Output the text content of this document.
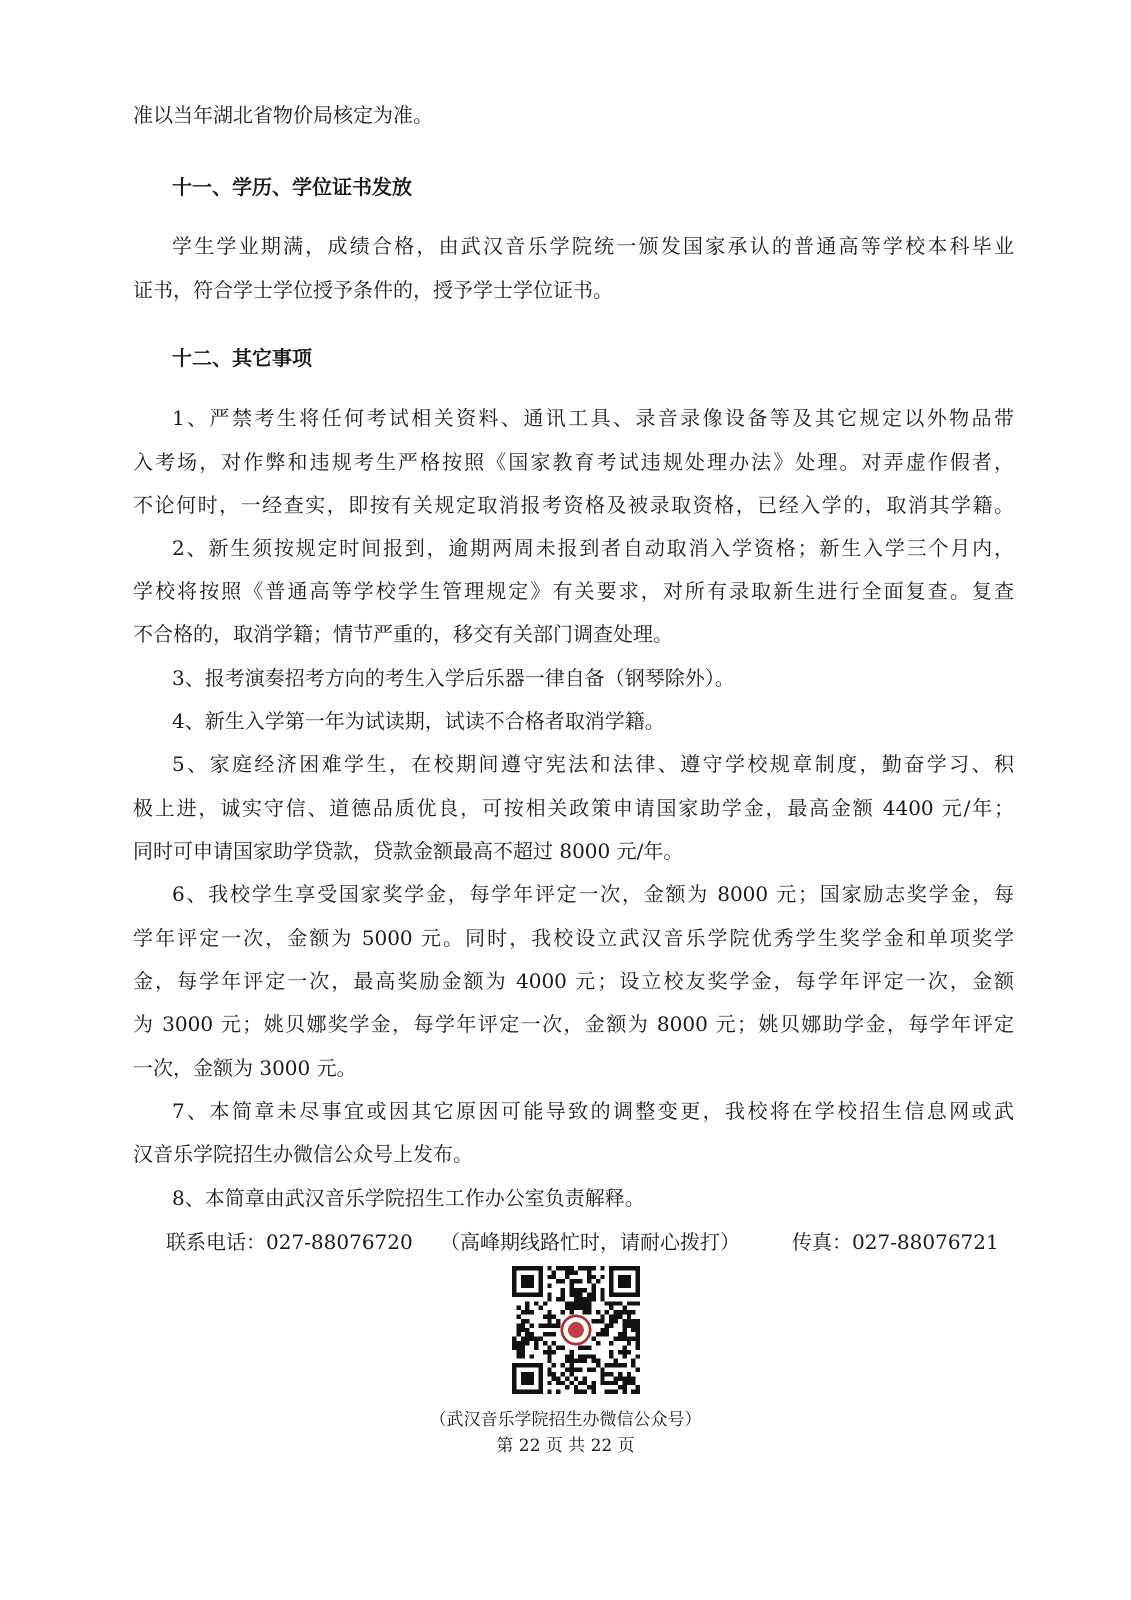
准以当年湖北省物价局核定为准。
十一、学历、学位证书发放
学生学业期满，成绩合格，由武汉音乐学院统一颁发国家承认的普通高等学校本科毕业
证书，符合学士学位授予条件的，授予学士学位证书。
十二、其它事项
1、严禁考生将任何考试相关资料、通讯工具、录音录像设备等及其它规定以外物品带
入考场，对作弊和违规考生严格按照《国家教育考试违规处理办法》处理。对弄虚作假者，
不论何时，一经查实，即按有关规定取消报考资格及被录取资格，已经入学的，取消其学籍。
2、新生须按规定时间报到，逾期两周未报到者自动取消入学资格；新生入学三个月内，
学校将按照《普通高等学校学生管理规定》有关要求，对所有录取新生进行全面复查。复查
不合格的，取消学籍；情节严重的，移交有关部门调查处理。
3、报考演奏招考方向的考生入学后乐器一律自备（钢琴除外）。
4、新生入学第一年为试读期，试读不合格者取消学籍。
5、家庭经济困难学生，在校期间遵守宪法和法律、遵守学校规章制度，勤奋学习、积
极上进，诚实守信、道德品质优良，可按相关政策申请国家助学金，最高金额 4400 元/年；
同时可申请国家助学贷款，贷款金额最高不超过 8000 元/年。
6、我校学生享受国家奖学金，每学年评定一次，金额为 8000 元；国家励志奖学金，每
学年评定一次，金额为 5000 元。同时，我校设立武汉音乐学院优秀学生奖学金和单项奖学
金，每学年评定一次，最高奖励金额为 4000 元；设立校友奖学金，每学年评定一次，金额
为 3000 元；姚贝娜奖学金，每学年评定一次，金额为 8000 元；姚贝娜助学金，每学年评定
一次，金额为 3000 元。
7、本简章未尽事宜或因其它原因可能导致的调整变更，我校将在学校招生信息网或武
汉音乐学院招生办微信公众号上发布。
8、本简章由武汉音乐学院招生工作办公室负责解释。
联系电话：027-88076720 （高峰期线路忙时，请耐心拨打）	传真：027-88076721
（武汉音乐学院招生办微信公众号）
第 22 页 共 22 页
